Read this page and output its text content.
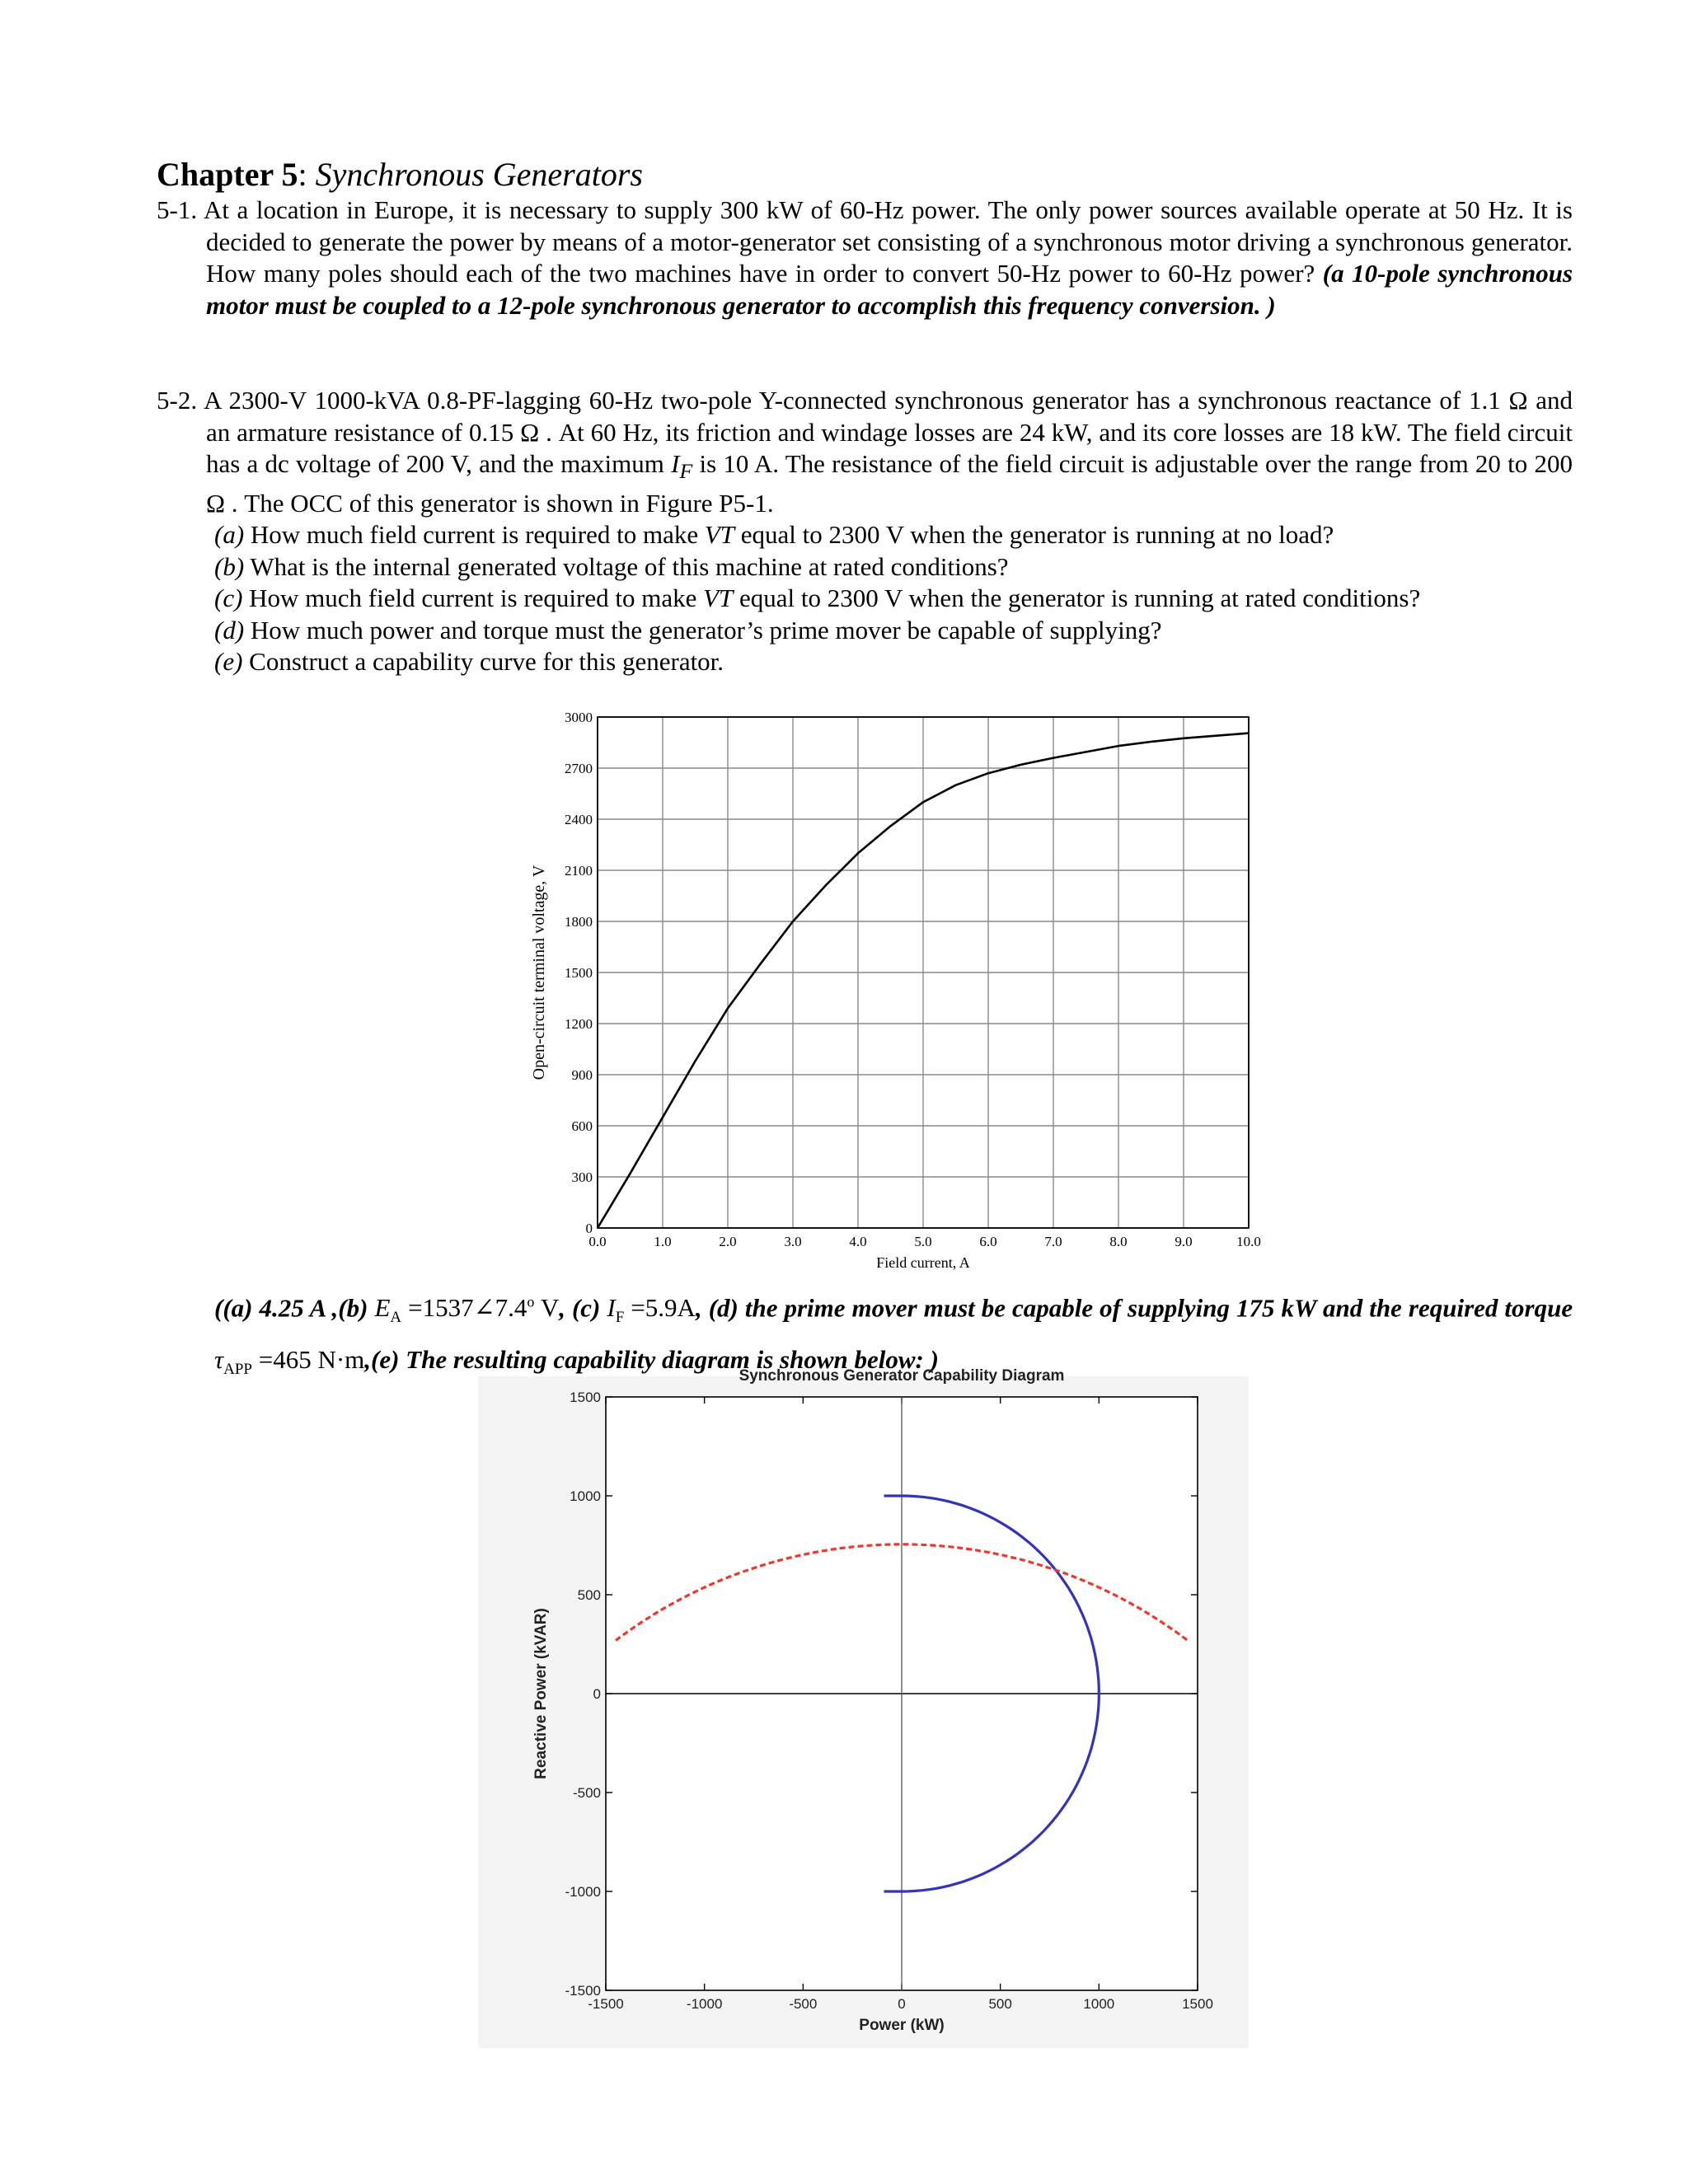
Chapter 5: Synchronous Generators
5-1. At a location in Europe, it is necessary to supply 300 kW of 60-Hz power. The only power sources available operate at 50 Hz. It is decided to generate the power by means of a motor-generator set consisting of a synchronous motor driving a synchronous generator. How many poles should each of the two machines have in order to convert 50-Hz power to 60-Hz power? (a 10-pole synchronous motor must be coupled to a 12-pole synchronous generator to accomplish this frequency conversion. )
5-2. A 2300-V 1000-kVA 0.8-PF-lagging 60-Hz two-pole Y-connected synchronous generator has a synchronous reactance of 1.1 Ω and an armature resistance of 0.15 Ω . At 60 Hz, its friction and windage losses are 24 kW, and its core losses are 18 kW. The field circuit has a dc voltage of 200 V, and the maximum $I_F$ is 10 A. The resistance of the field circuit is adjustable over the range from 20 to 200 Ω . The OCC of this generator is shown in Figure P5-1.
(a) How much field current is required to make VT equal to 2300 V when the generator is running at no load?
(b) What is the internal generated voltage of this machine at rated conditions?
(c) How much field current is required to make VT equal to 2300 V when the generator is running at rated conditions?
(d) How much power and torque must the generator’s prime mover be capable of supplying?
(e) Construct a capability curve for this generator.
0.0	1.0	2.0	3.0	4.0	5.0	6.0	7.0	8.0	9.0	10.0
0
300
600
900
1200
1500
1800
2100
2400
2700
3000
Field current, A
Open-circuit terminal voltage, V
((a) 4.25 A ,(b) $E_A$ $=1537\angle 7.4^o$ V, (c) $I_F =5.9A$, (d) the prime mover must be capable of supplying 175 kW and the required torque $\tau_{APP} =465$ N·m,(e) The resulting capability diagram is shown below: )
Synchronous Generator Capability Diagram
-1500	-1000	-500	0	500	1000	1500
-1500
-1000
-500
0
500
1000
1500
Power (kW)
Reactive Power (kVAR)
